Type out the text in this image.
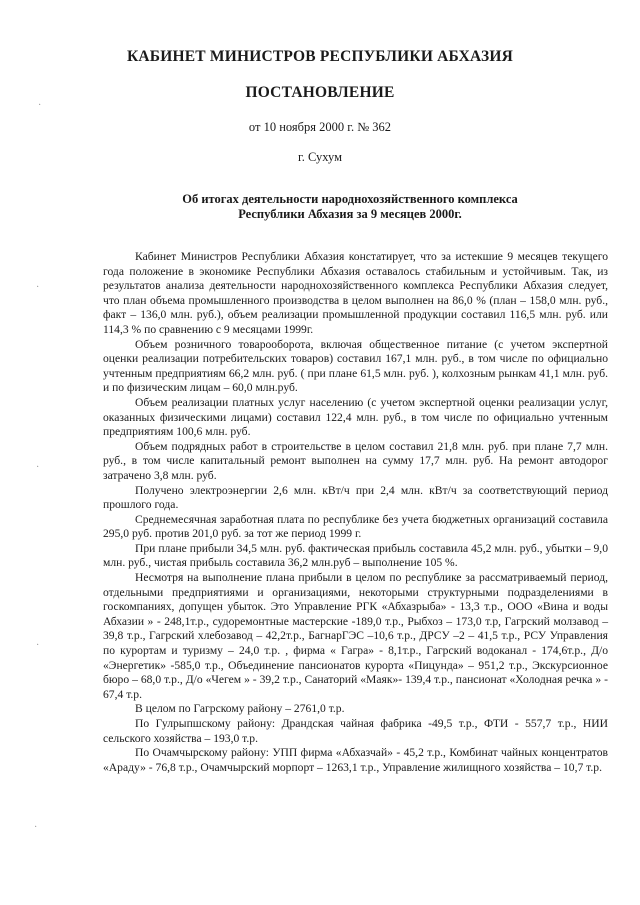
КАБИНЕТ МИНИСТРОВ РЕСПУБЛИКИ АБХАЗИЯ
ПОСТАНОВЛЕНИЕ
от 10 ноября 2000 г. № 362
г. Сухум
Об итогах деятельности народнохозяйственного комплекса
Республики Абхазия за 9 месяцев 2000г.

Кабинет Министров Республики Абхазия констатирует, что за истекшие 9 месяцев текущего года положение в экономике Республики Абхазия оставалось стабильным и устойчивым. Так, из результатов анализа деятельности народнохозяйственного комплекса Республики Абхазия следует, что план объема промышленного производства в целом выполнен на 86,0 % (план – 158,0 млн. руб., факт – 136,0 млн. руб.), объем реализации промышленной продукции составил 116,5 млн. руб. или 114,3 % по сравнению с 9 месяцами 1999г.

Объем розничного товарооборота, включая общественное питание (с учетом экспертной оценки реализации потребительских товаров) составил 167,1 млн. руб., в том числе по официально учтенным предприятиям 66,2 млн. руб. ( при плане 61,5 млн. руб. ), колхозным рынкам 41,1 млн. руб. и по физическим лицам – 60,0 млн.руб.

Объем реализации платных услуг населению (с учетом экспертной оценки реализации услуг, оказанных физическими лицами) составил 122,4 млн. руб., в том числе по официально учтенным предприятиям 100,6 млн. руб.

Объем подрядных работ в строительстве в целом составил 21,8 млн. руб. при плане 7,7 млн. руб., в том числе капитальный ремонт выполнен на сумму 17,7 млн. руб. На ремонт автодорог затрачено 3,8 млн. руб.

Получено электроэнергии 2,6 млн. кВт/ч при 2,4 млн. кВт/ч за соответствующий период прошлого года.

Среднемесячная заработная плата по республике без учета бюджетных организаций составила 295,0 руб. против 201,0 руб. за тот же период 1999 г.

При плане прибыли 34,5 млн. руб. фактическая прибыль составила 45,2 млн. руб., убытки – 9,0 млн. руб., чистая прибыль составила 36,2 млн.руб – выполнение 105 %.

Несмотря на выполнение плана прибыли в целом по республике за рассматриваемый период, отдельными предприятиями и организациями, некоторыми структурными подразделениями в госкомпаниях, допущен убыток. Это Управление РГК «Абхазрыба» - 13,3 т.р., ООО «Вина и воды Абхазии » - 248,1т.р., судоремонтные мастерские -189,0 т.р., Рыбхоз – 173,0 т.р, Гагрский молзавод – 39,8 т.р., Гагрский хлебозавод – 42,2т.р., БагнарГЭС –10,6 т.р., ДРСУ –2 – 41,5 т.р., РСУ Управления по курортам и туризму – 24,0 т.р. , фирма « Гагра» - 8,1т.р., Гагрский водоканал - 174,6т.р., Д/о «Энергетик» -585,0 т.р., Объединение пансионатов курорта «Пицунда» – 951,2 т.р., Экскурсионное бюро – 68,0 т.р., Д/о «Чегем » - 39,2 т.р., Санаторий «Маяк»- 139,4 т.р., пансионат «Холодная речка » - 67,4 т.р.

В целом по Гагрскому району – 2761,0 т.р.

По Гулрыпшскому району: Драндская чайная фабрика -49,5 т.р., ФТИ - 557,7 т.р., НИИ сельского хозяйства – 193,0 т.р.

По Очамчырскому району: УПП фирма «Абхазчай» - 45,2 т.р., Комбинат чайных концентратов «Араду» - 76,8 т.р., Очамчырский морпорт – 1263,1 т.р., Управление жилищного хозяйства – 10,7 т.р.

·
·
·
·
·
